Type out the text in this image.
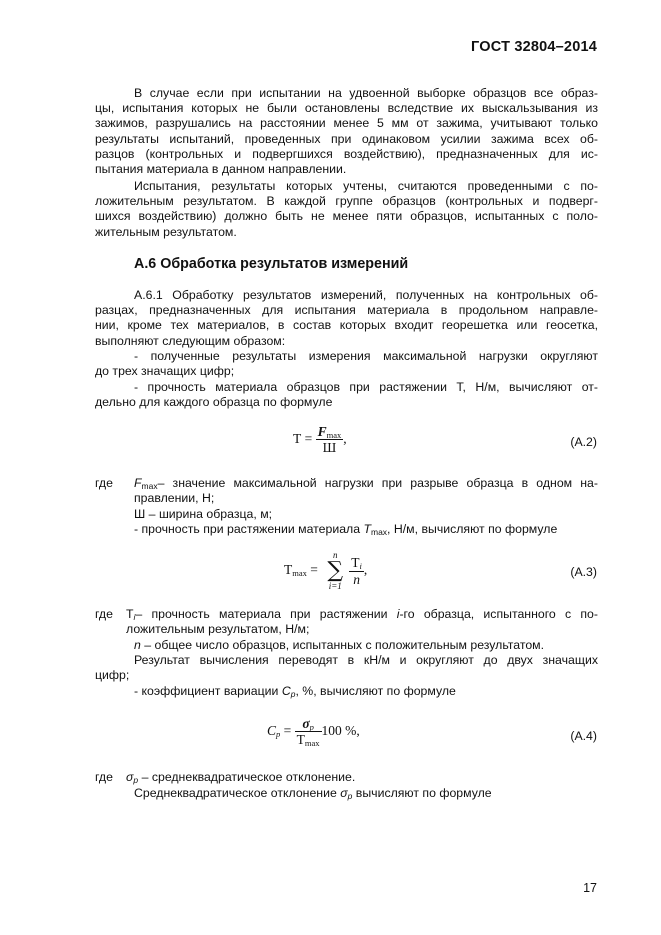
ГОСТ 32804–2014
В случае если при испытании на удвоенной выборке образцов все образ-
цы, испытания которых не были остановлены вследствие их выскальзывания из
зажимов, разрушались на расстоянии менее 5 мм от зажима, учитывают только
результаты испытаний, проведенных при одинаковом усилии зажима всех об-
разцов (контрольных и подвергшихся воздействию), предназначенных для ис-
пытания материала в данном направлении.
Испытания, результаты которых учтены, считаются проведенными с по-
ложительным результатом. В каждой группе образцов (контрольных и подверг-
шихся воздействию) должно быть не менее пяти образцов, испытанных с поло-
жительным результатом.
А.6 Обработка результатов измерений
А.6.1 Обработку результатов измерений, полученных на контрольных об-
разцах, предназначенных для испытания материала в продольном направле-
нии, кроме тех материалов, в состав которых входит георешетка или геосетка,
выполняют следующим образом:
- полученные результаты измерения максимальной нагрузки округляют
до трех значащих цифр;
- прочность материала образцов при растяжении Т, Н/м, вычисляют от-
дельно для каждого образца по формуле
$Т = \frac{F_{max}}{Ш}$ ,	(А.2)
где $F_{max}-$ значение максимальной нагрузки при разрыве образца в одном на-
правлении, Н;
Ш – ширина образца, м;
- прочность при растяжении материала $T_{max}$, Н/м, вычисляют по формуле
$Т_{max}$ =
n
∑
$i=1 \frac{Т_i}{n}$ ,	(А.3)
где $Т_i-$ прочность материала при растяжении i-го образца, испытанного с по-
ложительным результатом, Н/м;
n – общее число образцов, испытанных с положительным результатом.
Результат вычисления переводят в кН/м и округляют до двух значащих
цифр;
- коэффициент вариации $C_p$, %, вычисляют по формуле
$C_p = \frac{\sigma_p}{Т_{max}} 100$ %,	(А.4)
где $\sigma_p$ – среднеквадратическое отклонение.
Среднеквадратическое отклонение $\sigma_p$ вычисляют по формуле
17
